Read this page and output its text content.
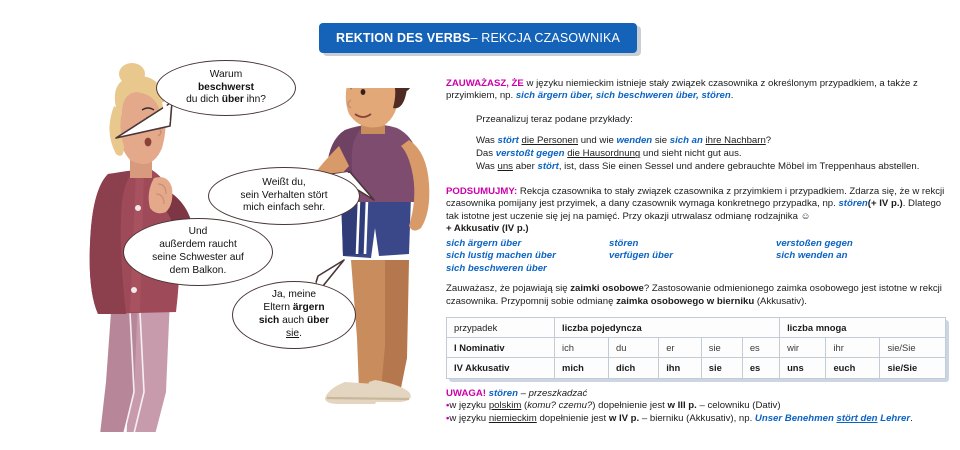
REKTION DES VERBS – REKCJA CZASOWNIKA
Warum
beschwerst
du dich über ihn?
Weißt du,
sein Verhalten stört
mich einfach sehr.
Und
außerdem raucht
seine Schwester auf
dem Balkon.
Ja, meine
Eltern ärgern
sich auch über
sie.
ZAUWAŻASZ, ŻE w języku niemieckim istnieje stały związek czasownika z określonym przypadkiem, a także z przyimkiem, np. sich ärgern über, sich beschweren über, stören.
Przeanalizuj teraz podane przykłady:
Was stört die Personen und wie wenden sie sich an ihre Nachbarn?
Das verstoßt gegen die Hausordnung und sieht nicht gut aus.
Was uns aber stört, ist, dass Sie einen Sessel und andere gebrauchte Möbel im Treppenhaus abstellen.
PODSUMUJMY: Rekcja czasownika to stały związek czasownika z przyimkiem i przypadkiem. Zdarza się, że w rekcji czasownika pomijany jest przyimek, a dany czasownik wymaga konkretnego przypadka, np. stören(+ IV p.). Dlatego tak istotne jest uczenie się jej na pamięć. Przy okazji utrwalasz odmianę rodzajnika ☺
+ Akkusativ (IV p.)
sich ärgern über	stören	verstoßen gegen
sich lustig machen über	verfügen über	sich wenden an
sich beschweren über
Zauważasz, że pojawiają się zaimki osobowe? Zastosowanie odmienionego zaimka osobowego jest istotne w rekcji czasownika. Przypomnij sobie odmianę zaimka osobowego w bierniku (Akkusativ).
przypadek	liczba pojedyncza					liczba mnoga		
I Nominativ	ich	du	er	sie	es	wir	ihr	sie/Sie
IV Akkusativ	mich	dich	ihn	sie	es	uns	euch	sie/Sie
UWAGA! stören – przeszkadzać
•w języku polskim (komu? czemu?) dopełnienie jest w III p. – celowniku (Dativ)
•w języku niemieckim dopełnienie jest w IV p. – bierniku (Akkusativ), np. Unser Benehmen stört den Lehrer.
